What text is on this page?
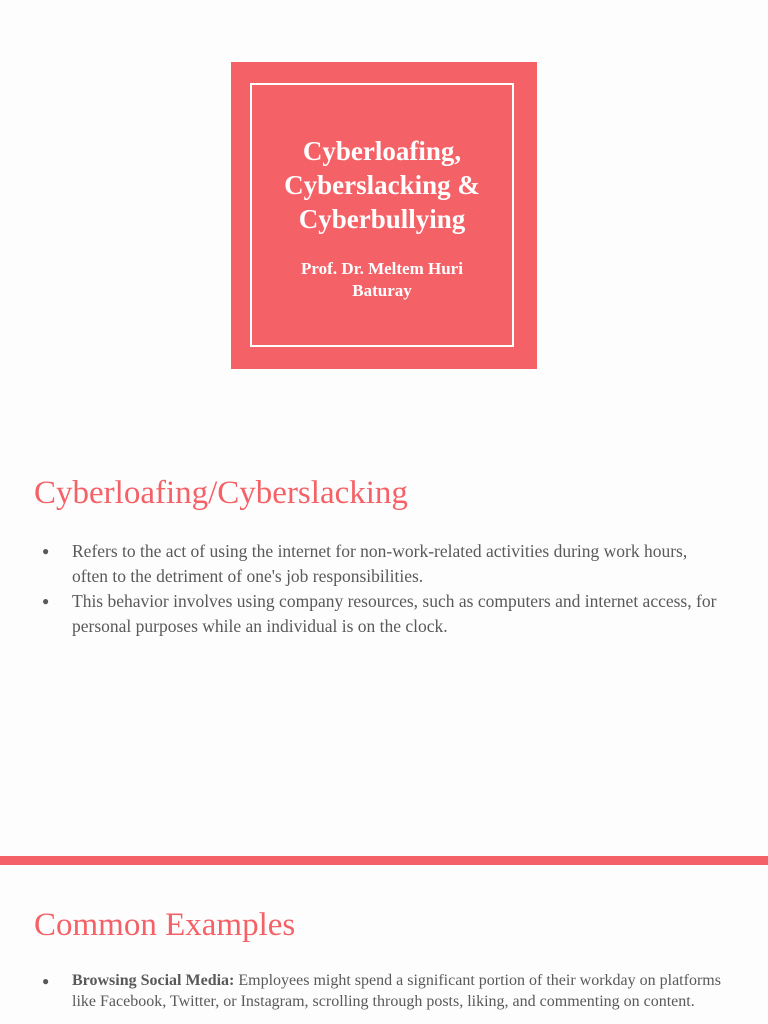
Cyberloafing,
Cyberslacking &
Cyberbullying
Prof. Dr. Meltem Huri Baturay
Cyberloafing/Cyberslacking
● Refers to the act of using the internet for non-work-related activities during work hours, often to the detriment of one's job responsibilities.
● This behavior involves using company resources, such as computers and internet access, for personal purposes while an individual is on the clock.
Common Examples
● Browsing Social Media: Employees might spend a significant portion of their workday on platforms like Facebook, Twitter, or Instagram, scrolling through posts, liking, and commenting on content.
